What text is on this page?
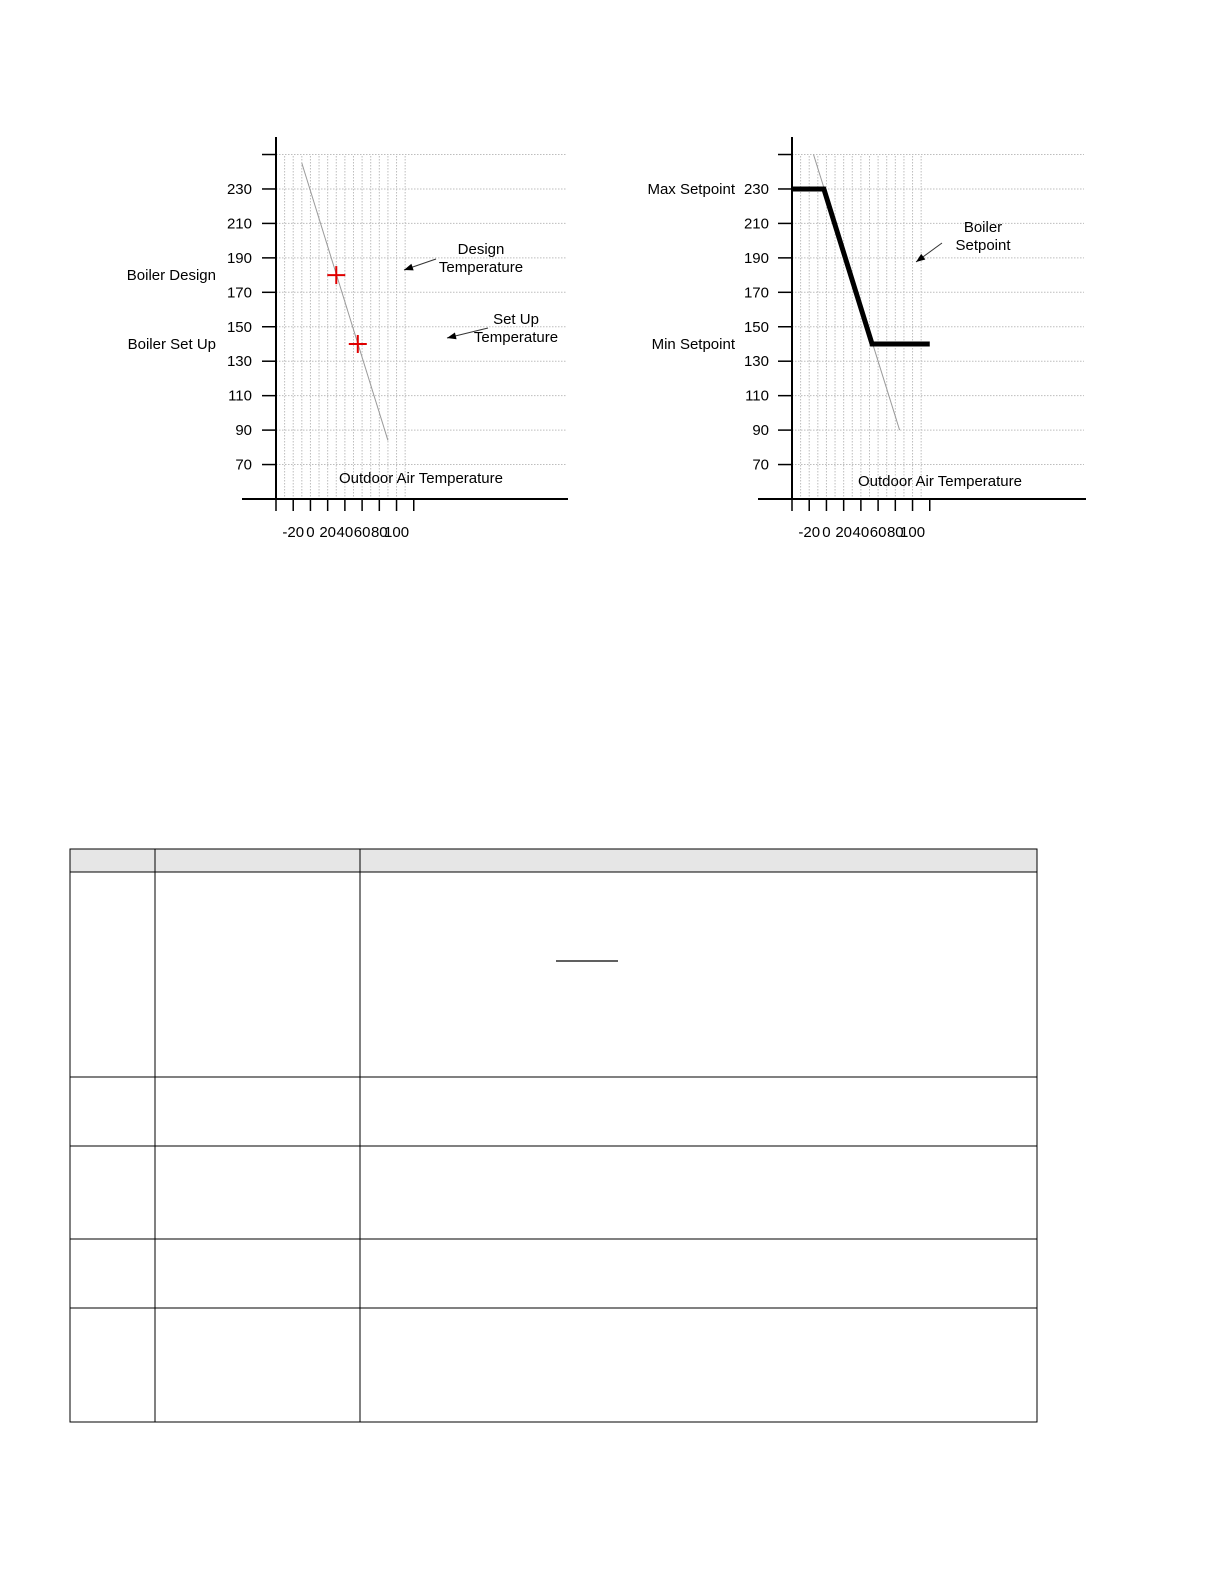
230
210
190
170
150
130
110
90
70
-20 0 20 40 60 80
100
Outdoor Air Temperature
Boiler Design
Boiler Set Up
Design
Temperature
Set Up
Temperature
230
210
190
170
150
130
110
90
70
-20 0 20 40 60 80
100
Outdoor Air Temperature
Max Setpoint
Min Setpoint
Boiler
Setpoint
